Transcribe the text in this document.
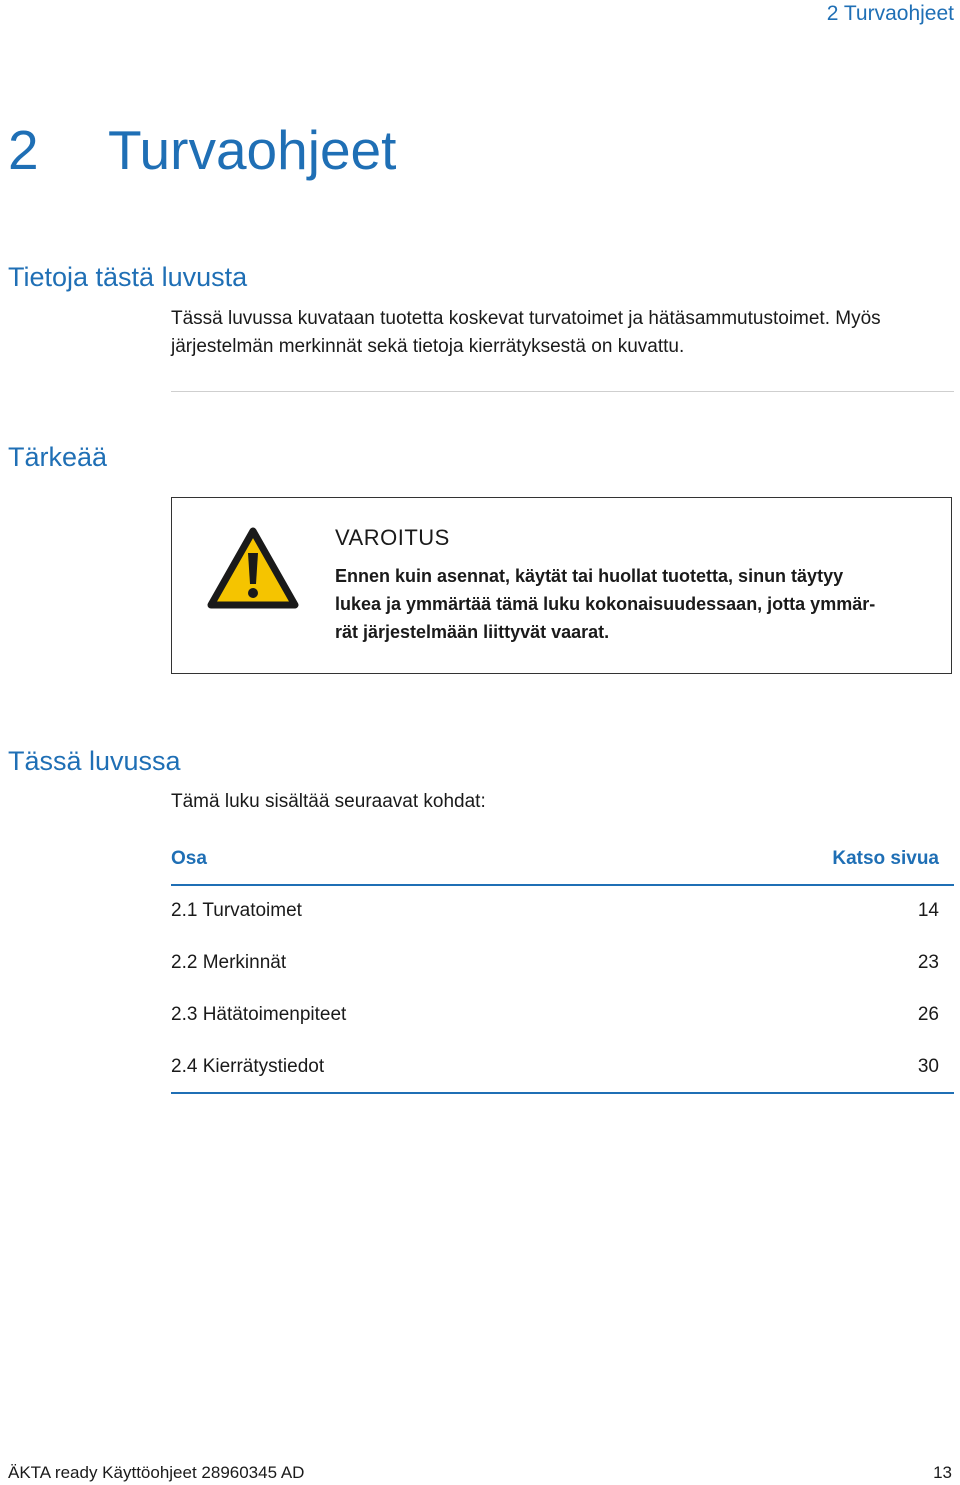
2 Turvaohjeet
2 Turvaohjeet
Tietoja tästä luvusta
Tässä luvussa kuvataan tuotetta koskevat turvatoimet ja hätäsammutustoimet. Myös
järjestelmän merkinnät sekä tietoja kierrätyksestä on kuvattu.
Tärkeää
VAROITUS
Ennen kuin asennat, käytät tai huollat tuotetta, sinun täytyy
lukea ja ymmärtää tämä luku kokonaisuudessaan, jotta ymmär-
rät järjestelmään liittyvät vaarat.
Tässä luvussa
Tämä luku sisältää seuraavat kohdat:
Osa	Katso sivua
2.1 Turvatoimet	14
2.2 Merkinnät	23
2.3 Hätätoimenpiteet	26
2.4 Kierrätystiedot	30
ÄKTA ready Käyttöohjeet 28960345 AD	13
